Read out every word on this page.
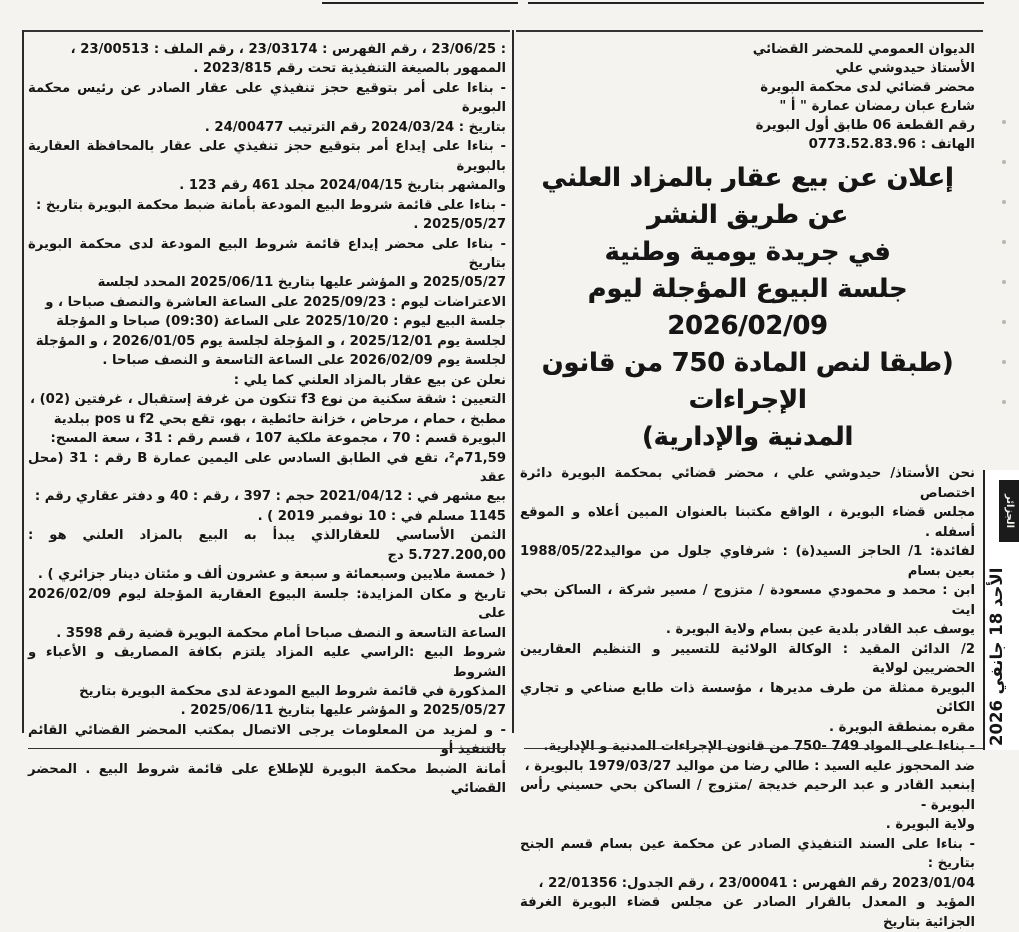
الديوان العمومي للمحضر القضائي

الأستاذ حيدوشي علي

محضر قضائي لدى محكمة البويرة

شارع عبان رمضان عمارة " أ "

رقم القطعة 06 طابق أول البويرة

الهاتف : 0773.52.83.96

إعلان عن بيع عقار بالمزاد العلني عن طريق النشر

في جريدة يومية وطنية

جلسة البيوع المؤجلة ليوم 2026/02/09

(طبقا لنص المادة 750 من قانون الإجراءات

المدنية والإدارية)

نحن الأستاذ/ حيدوشي علي ، محضر قضائي بمحكمة البويرة دائرة اختصاص

مجلس قضاء البويرة ، الواقع مكتبنا بالعنوان المبين أعلاه و الموقع أسفله .

لفائدة: 1/ الحاجز السيد(ة) : شرفاوي جلول من مواليد1988/05/22 بعين بسام

ابن : محمد و محمودي مسعودة / متزوج / مسير شركة ، الساكن بحي ايت

يوسف عبد القادر بلدية عين بسام ولاية البويرة .

2/ الدائن المقيد : الوكالة الولائية للتسيير و التنظيم العقاريين الحضريين لولاية

البويرة ممثلة من طرف مديرها ، مؤسسة ذات طابع صناعي و تجاري الكائن

مقره بمنطقة البويرة .

- بناءا على المواد 749 -750 من قانون الإجراءات المدنية و الإدارية.

ضد المحجوز عليه السيد : طالي رضا من مواليد 1979/03/27 بالبويرة ،

إبنعبد القادر و عبد الرحيم خديجة /متزوج / الساكن بحي حسيني رأس البويرة -

ولاية البويرة .

- بناءا على السند التنفيذي الصادر عن محكمة عين بسام قسم الجنح بتاريخ :

2023/01/04 رقم الفهرس : 23/00041 ، رقم الجدول: 22/01356 ،

المؤيد و المعدل بالقرار الصادر عن مجلس قضاء البويرة الغرفة الجزائية بتاريخ

: 23/06/25 ، رقم الفهرس : 23/03174 ، رقم الملف : 23/00513 ،

الممهور بالصيغة التنفيذية تحت رقم 2023/815 .

- بناءا على أمر بتوقيع حجز تنفيذي على عقار الصادر عن رئيس محكمة البويرة

بتاريخ : 2024/03/24 رقم الترتيب 24/00477 .

- بناءا على إيداع أمر بتوقيع حجز تنفيذي على عقار بالمحافظة العقارية بالبويرة

والمشهر بتاريخ 2024/04/15 مجلد 461 رقم 123 .

- بناءا على قائمة شروط البيع المودعة بأمانة ضبط محكمة البويرة بتاريخ :

2025/05/27 .

- بناءا على محضر إيداع قائمة شروط البيع المودعة لدى محكمة البويرة بتاريخ

2025/05/27 و المؤشر عليها بتاريخ 2025/06/11 المحدد لجلسة

الاعتراضات ليوم : 2025/09/23 على الساعة العاشرة والنصف صباحا ، و

جلسة البيع ليوم : 2025/10/20 على الساعة (09:30) صباحا و المؤجلة

لجلسة يوم 2025/12/01 ، و المؤجلة لجلسة يوم 2026/01/05 ، و المؤجلة

لجلسة يوم 2026/02/09 على الساعة التاسعة و النصف صباحا .

نعلن عن بيع عقار بالمزاد العلني كما يلي :

التعيين : شقة سكنية من نوع f3 تتكون من غرفة إستقبال ، غرفتين (02) ،

مطبخ ، حمام ، مرحاض ، خزانة حائطية ، بهو، تقع بحي pos u f2 ببلدية

البويرة قسم : 70 ، مجموعة ملكية 107 ، قسم رقم : 31 ، سعة المسح:

71,59م²، تقع في الطابق السادس على اليمين عمارة B رقم : 31 (محل عقد

بيع مشهر في : 2021/04/12 حجم : 397 ، رقم : 40 و دفتر عقاري رقم :

1145 مسلم في : 10 نوفمبر 2019 ) .

الثمن الأساسي للعقارالذي يبدأ به البيع بالمزاد العلني هو : 5.727.200,00 دج

( خمسة ملايين وسبعمائة و سبعة و عشرون ألف و مئتان دينار جزائري ) .

تاريخ و مكان المزايدة: جلسة البيوع العقارية المؤجلة ليوم 2026/02/09 على

الساعة التاسعة و النصف صباحا أمام محكمة البويرة قضية رقم 3598 .

شروط البيع :الراسي عليه المزاد يلتزم بكافة المصاريف و الأعباء و الشروط

المذكورة في قائمة شروط البيع المودعة لدى محكمة البويرة بتاريخ

2025/05/27 و المؤشر عليها بتاريخ 2025/06/11 .

- و لمزيد من المعلومات يرجى الاتصال بمكتب المحضر القضائي القائم بالتنفيذ أو

أمانة الضبط محكمة البويرة للإطلاع على قائمة شروط البيع . المحضر القضائي

الأحد 18 جانفي 2026
الجزائر
